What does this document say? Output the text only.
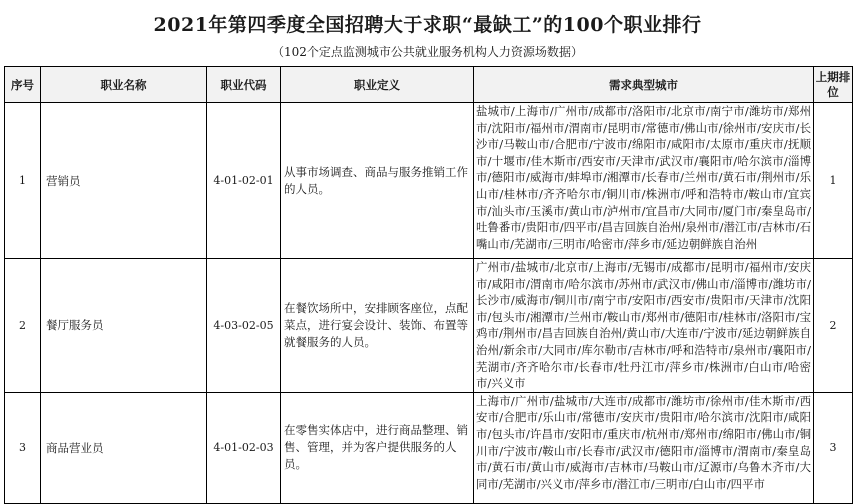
2021年第四季度全国招聘大于求职“最缺工”的100个职业排行
（102个定点监测城市公共就业服务机构人力资源场数据）
序号	职业名称	职业代码	职业定义	需求典型城市	上期排位
1	营销员	4-01-02-01	从事市场调查、商品与服务推销工作的人员。	盐城市/上海市/广州市/成都市/洛阳市/北京市/南宁市/潍坊市/郑州市/沈阳市/福州市/渭南市/昆明市/常德市/佛山市/徐州市/安庆市/长沙市/马鞍山市/合肥市/宁波市/绵阳市/咸阳市/太原市/重庆市/抚顺市/十堰市/佳木斯市/西安市/天津市/武汉市/襄阳市/哈尔滨市/淄博市/德阳市/威海市/蚌埠市/湘潭市/长春市/兰州市/黄石市/荆州市/乐山市/桂林市/齐齐哈尔市/铜川市/株洲市/呼和浩特市/鞍山市/宜宾市/汕头市/玉溪市/黄山市/泸州市/宜昌市/大同市/厦门市/秦皇岛市/吐鲁番市/贵阳市/四平市/昌吉回族自治州/泉州市/潜江市/吉林市/石嘴山市/芜湖市/三明市/哈密市/萍乡市/延边朝鲜族自治州	1
2	餐厅服务员	4-03-02-05	在餐饮场所中，安排顾客座位，点配菜点，进行宴会设计、装饰、布置等就餐服务的人员。	广州市/盐城市/北京市/上海市/无锡市/成都市/昆明市/福州市/安庆市/咸阳市/渭南市/哈尔滨市/苏州市/武汉市/佛山市/淄博市/潍坊市/长沙市/威海市/铜川市/南宁市/安阳市/西安市/贵阳市/天津市/沈阳市/包头市/湘潭市/兰州市/鞍山市/郑州市/德阳市/桂林市/洛阳市/宝鸡市/荆州市/昌吉回族自治州/黄山市/大连市/宁波市/延边朝鲜族自治州/新余市/大同市/库尔勒市/吉林市/呼和浩特市/泉州市/襄阳市/芜湖市/齐齐哈尔市/长春市/牡丹江市/萍乡市/株洲市/白山市/哈密市/兴义市	2
3	商品营业员	4-01-02-03	在零售实体店中，进行商品整理、销售、管理，并为客户提供服务的人员。	上海市/广州市/盐城市/大连市/成都市/潍坊市/徐州市/佳木斯市/西安市/合肥市/乐山市/常德市/安庆市/贵阳市/哈尔滨市/沈阳市/咸阳市/包头市/许昌市/安阳市/重庆市/杭州市/郑州市/绵阳市/佛山市/铜川市/宁波市/鞍山市/长春市/武汉市/德阳市/淄博市/渭南市/秦皇岛市/黄石市/黄山市/威海市/吉林市/马鞍山市/辽源市/乌鲁木齐市/大同市/芜湖市/兴义市/萍乡市/潜江市/三明市/白山市/四平市	3
